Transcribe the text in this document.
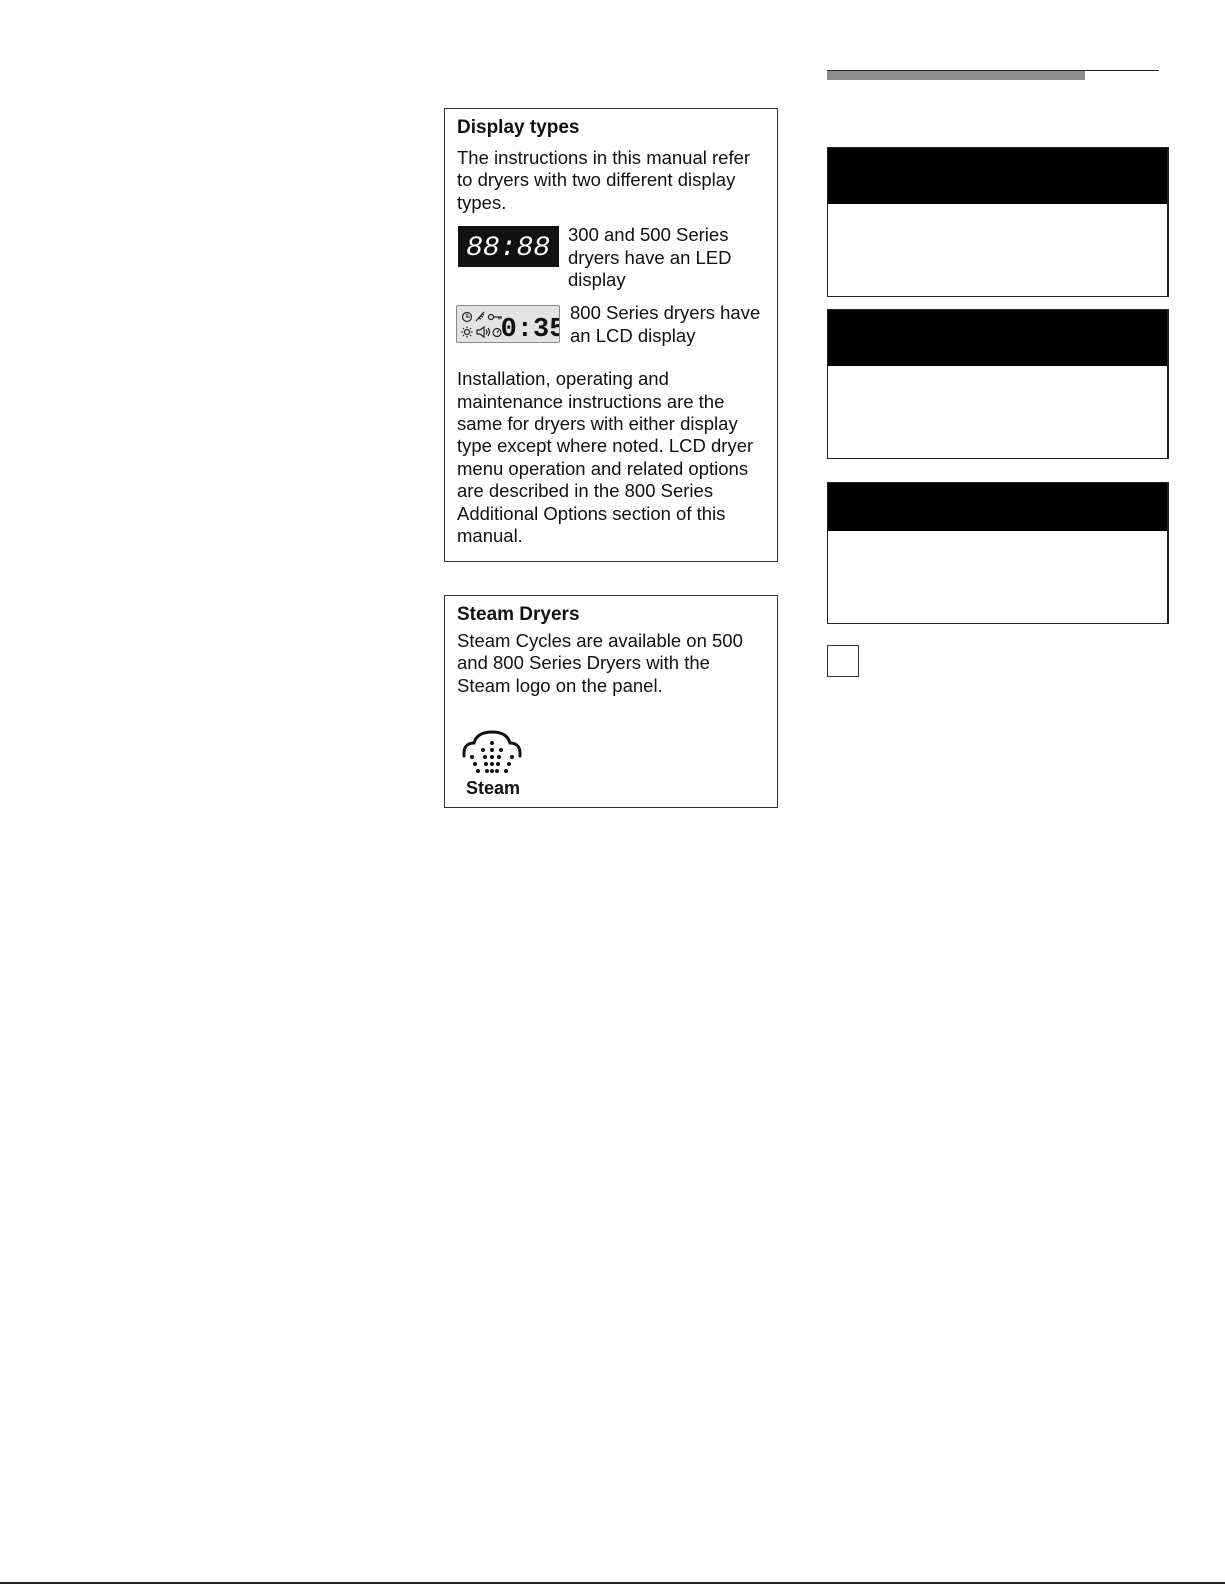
Display types

The instructions in this manual refer to dryers with two different display types.

88:88 300 and 500 Series dryers have an LED display
0:35
800 Series dryers have an LCD display

Installation, operating and maintenance instructions are the same for dryers with either display type except where noted. LCD dryer menu operation and related options are described in the 800 Series Additional Options section of this manual.

Steam Dryers

Steam Cycles are available on 500 and 800 Series Dryers with the Steam logo on the panel.

Steam
